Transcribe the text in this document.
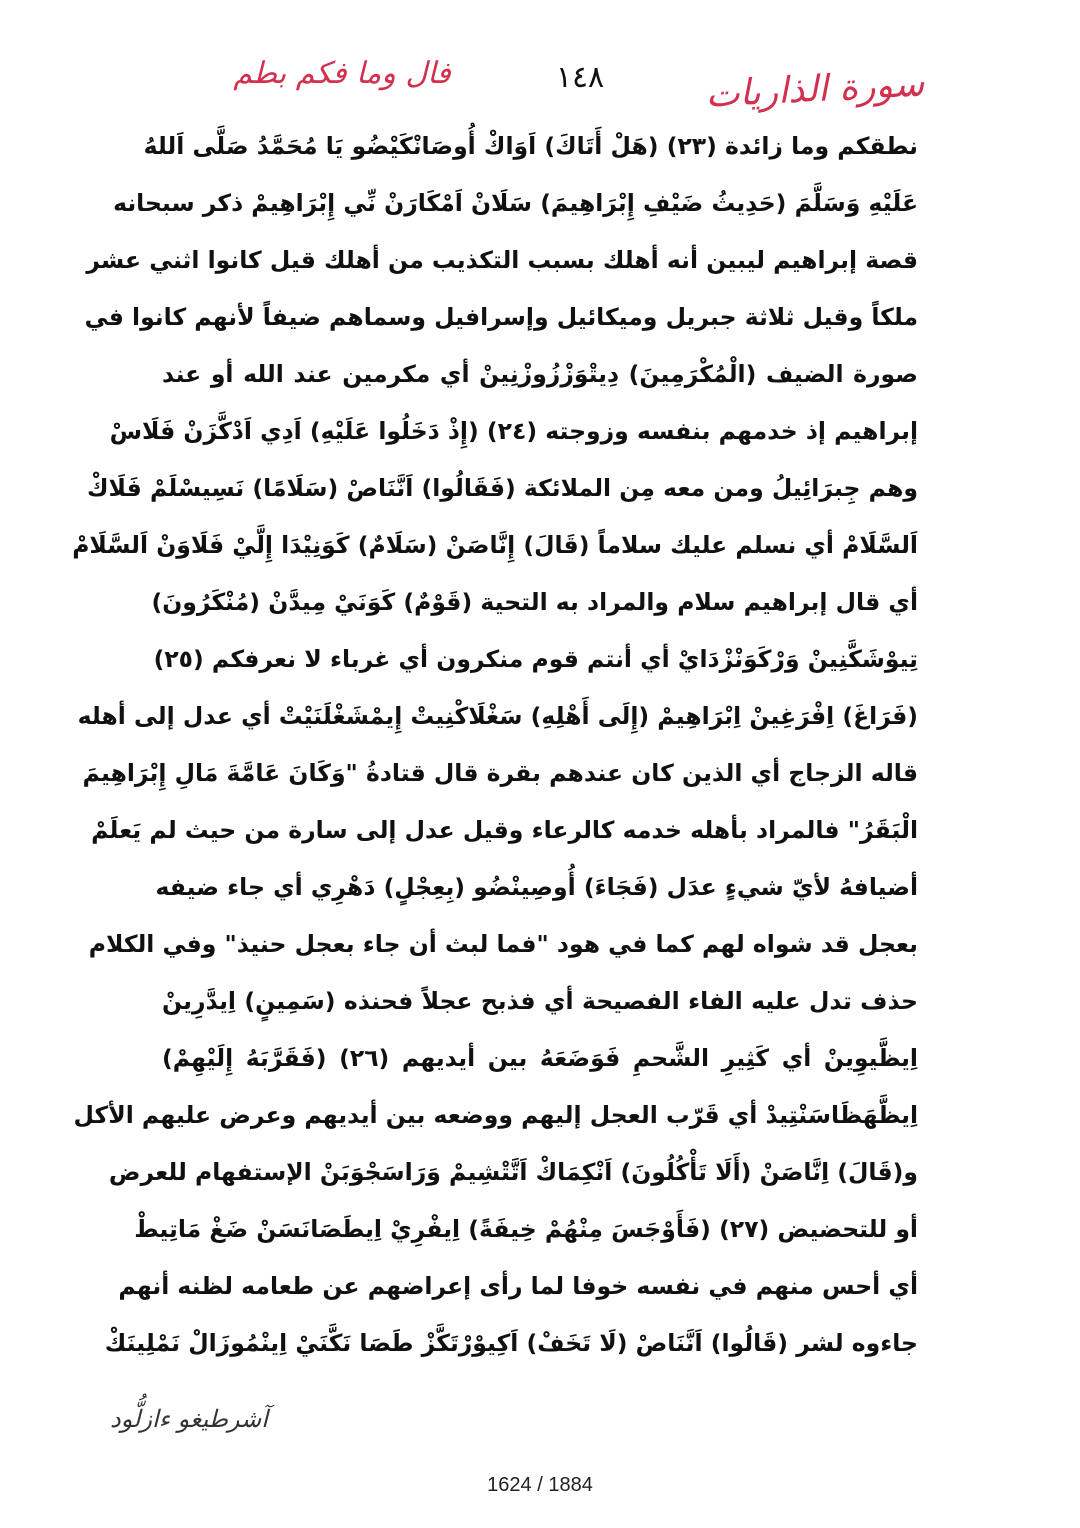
فال وما فكم بطم	١٤٨	سورة الذاريات
نطقكم وما زائدة (٢٣) (هَلْ أَتَاكَ) اَوَاكْ أُوصَانْكَيْضُو يَا مُحَمَّدُ صَلَّى اَللهُ
عَلَيْهِ وَسَلَّمَ (حَدِيثُ ضَيْفِ إِبْرَاهِيمَ) سَلَانْ اَمْكَارَنْ نِّي إِبْرَاهِيمْ ذكر سبحانه
قصة إبراهيم ليبين أنه أهلك بسبب التكذيب من أهلك قيل كانوا اثني عشر
ملكاً وقيل ثلاثة جبريل وميكائيل وإسرافيل وسماهم ضيفاً لأنهم كانوا في
صورة الضيف (الْمُكْرَمِينَ) دِيتْوَزْزُوزْنِينْ أي مكرمين عند الله أو عند
إبراهيم إذ خدمهم بنفسه وزوجته (٢٤) (إِذْ دَخَلُوا عَلَيْهِ) اَدِي اَدْكَّزَنْ فَلَاسْ
وهم جِبرَائِيلُ ومن معه مِن الملائكة (فَقَالُوا) اَنَّنَاصْ (سَلَامًا) نَسِيسْلَمْ فَلَاكْ
اَلسَّلَامْ أي نسلم عليك سلاماً (قَالَ) إِنَّاصَنْ (سَلَامٌ) كَوَنِيْدَا إِلَّيْ فَلَاوَنْ اَلسَّلَامْ
أي قال إبراهيم سلام والمراد به التحية (قَوْمٌ) كَوَنَيْ مِيدَّنْ (مُنْكَرُونَ)
تِيوْشَكَّنِينْ وَرْكَوَنْزْدَايْ أي أنتم قوم منكرون أي غرباء لا نعرفكم (٢٥)
(فَرَاغَ) اِفْرَغِينْ اِبْرَاهِيمْ (إِلَى أَهْلِهِ) سَغْلَاكْنِيتْ إِيمْشَغْلَنَيْتْ أي عدل إلى أهله
قاله الزجاج أي الذين كان عندهم بقرة قال قتادةُ "وَكَانَ عَامَّةَ مَالِ إِبْرَاهِيمَ
الْبَقَرُ" فالمراد بأهله خدمه كالرعاء وقيل عدل إلى سارة من حيث لم يَعلَمْ
أضيافهُ لأيّ شيءٍ عدَل (فَجَاءَ) أُوصِينْضُو (بِعِجْلٍ) دَهْرِي أي جاء ضيفه
بعجل قد شواه لهم كما في هود "فما لبث أن جاء بعجل حنيذ" وفي الكلام
حذف تدل عليه الفاء الفصيحة أي فذبح عجلاً فحنذه (سَمِينٍ) اِيدَّرِينْ
اِيظَّيوِينْ أي كَثِيرِ الشَّحمِ فَوَضَعَهُ بين أيديهم (٢٦) (فَقَرَّبَهُ إِلَيْهِمْ)
اِيظَّهَظَاسَنْتِيدْ أي قَرّب العجل إليهم ووضعه بين أيديهم وعرض عليهم الأكل
و(قَالَ) اِنَّاصَنْ (أَلَا تَأْكُلُونَ) اَنْكِمَاكْ اَتَّتْشِيمْ وَرَاسَجْوَبَنْ الإستفهام للعرض
أو للتحضيض (٢٧) (فَأَوْجَسَ مِنْهُمْ خِيفَةً) اِيفْرِيْ اِيطَصَانَسَنْ ضَغْ مَاتِيطْ
أي أحس منهم في نفسه خوفا لما رأى إعراضهم عن طعامه لظنه أنهم
جاءوه لشر (قَالُوا) اَنَّنَاصْ (لَا تَخَفْ) اَكِيوْرْتَكَّزْ طَصَا نَكَّنَيْ اِينْمُوزَالْ نَمْلِينَكْ
آشرطيغو ءازلُّود
1624 / 1884
